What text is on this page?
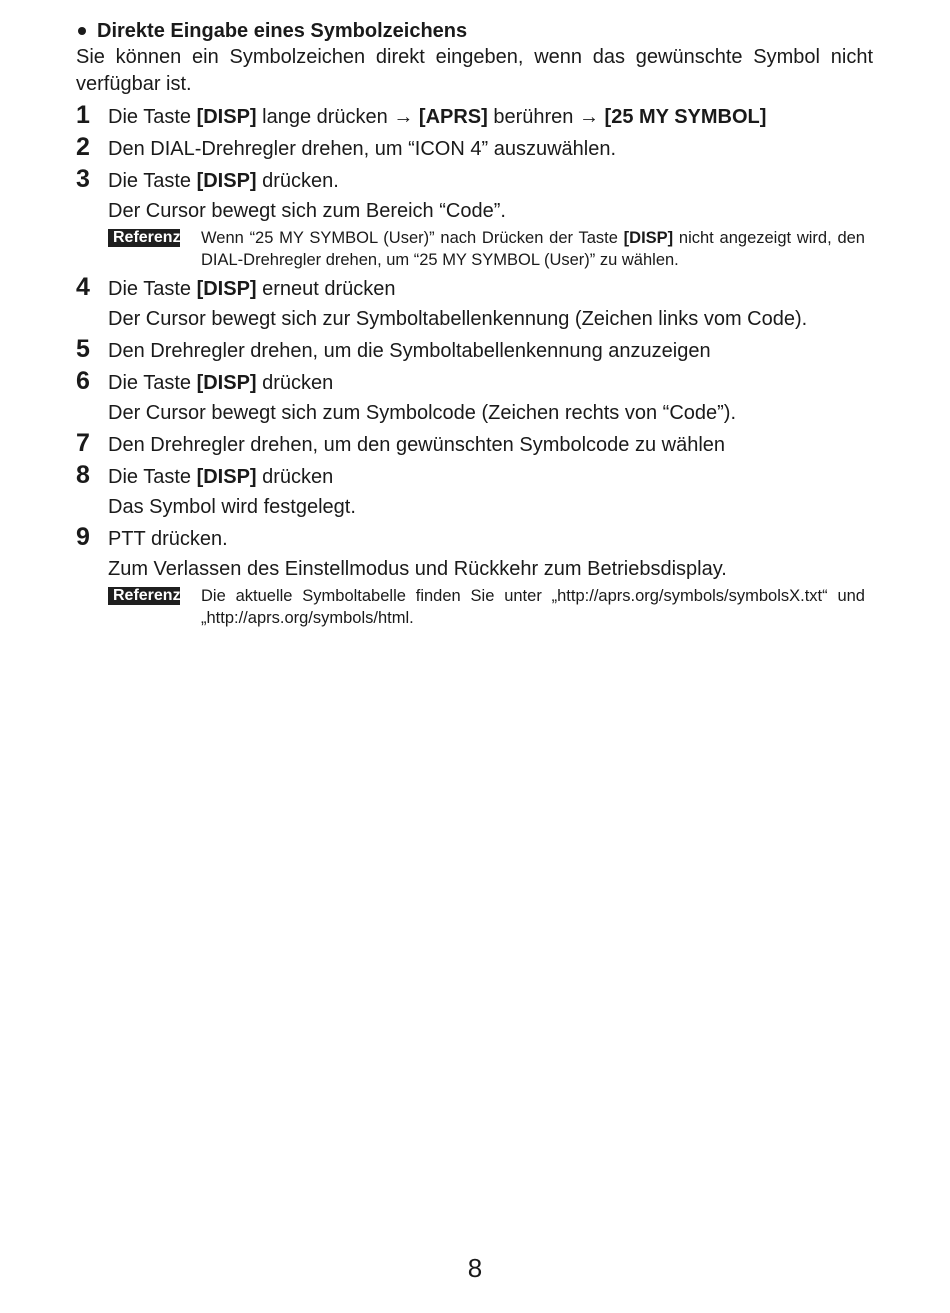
Direkte Eingabe eines Symbolzeichens

Sie können ein Symbolzeichen direkt eingeben, wenn das gewünschte Symbol nicht verfügbar ist.

1 Die Taste [DISP] lange drücken → [APRS] berühren → [25 MY SYMBOL]

2 Den DIAL-Drehregler drehen, um “ICON 4” auszuwählen.

3 Die Taste [DISP] drücken.

Der Cursor bewegt sich zum Bereich “Code”.

Referenz Wenn “25 MY SYMBOL (User)” nach Drücken der Taste [DISP] nicht angezeigt wird, den DIAL-Drehregler drehen, um “25 MY SYMBOL (User)” zu wählen.
4 Die Taste [DISP] erneut drücken

Der Cursor bewegt sich zur Symboltabellenkennung (Zeichen links vom Code).

5 Den Drehregler drehen, um die Symboltabellenkennung anzuzeigen

6 Die Taste [DISP] drücken

Der Cursor bewegt sich zum Symbolcode (Zeichen rechts von “Code”).

7 Den Drehregler drehen, um den gewünschten Symbolcode zu wählen

8 Die Taste [DISP] drücken

Das Symbol wird festgelegt.

9 PTT drücken.

Zum Verlassen des Einstellmodus und Rückkehr zum Betriebsdisplay.

Referenz Die aktuelle Symboltabelle finden Sie unter „http://aprs.org/symbols/symbolsX.txt“ und „http://aprs.org/symbols/html.
8
